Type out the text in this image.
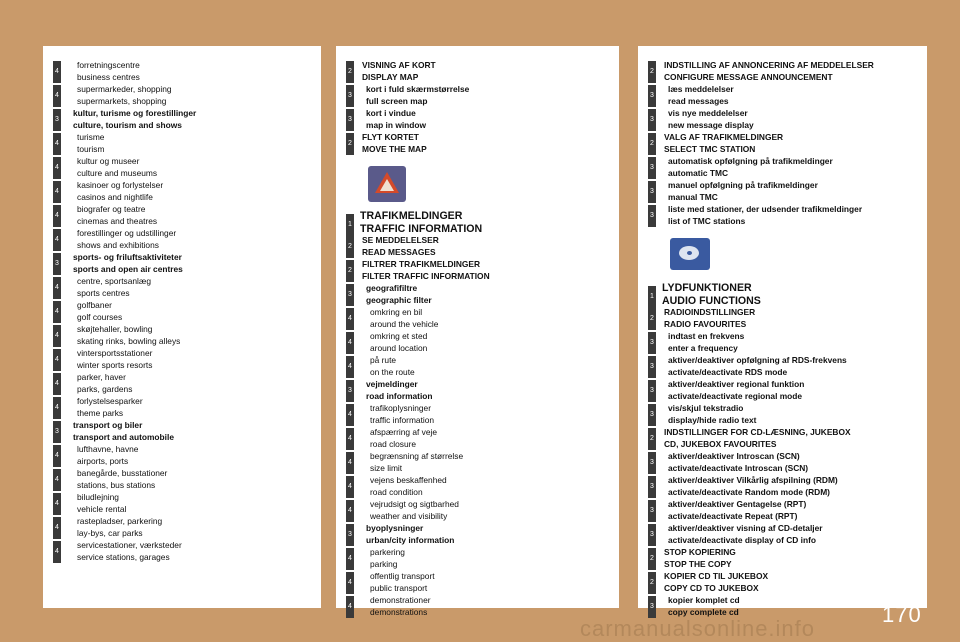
4
forretningscentre
business centres
4
supermarkeder, shopping
supermarkets, shopping
3
kultur, turisme og forestillinger
culture, tourism and shows
4
turisme
tourism
4
kultur og museer
culture and museums
4
kasinoer og forlystelser
casinos and nightlife
4
biografer og teatre
cinemas and theatres
4
forestillinger og udstillinger
shows and exhibitions
3
sports- og friluftsaktiviteter
sports and open air centres
4
centre, sportsanlæg
sports centres
4
golfbaner
golf courses
4
skøjtehaller, bowling
skating rinks, bowling alleys
4
vintersportsstationer
winter sports resorts
4
parker, haver
parks, gardens
4
forlystelsesparker
theme parks
3
transport og biler
transport and automobile
4
lufthavne, havne
airports, ports
4
banegårde, busstationer
stations, bus stations
4
biludlejning
vehicle rental
4
rastepladser, parkering
lay-bys, car parks
4
servicestationer, værksteder
service stations, garages
2
VISNING AF KORT
DISPLAY MAP
3
kort i fuld skærmstørrelse
full screen map
3
kort i vindue
map in window
2
FLYT KORTET
MOVE THE MAP
1
TRAFIKMELDINGER
TRAFFIC INFORMATION
2
SE MEDDELELSER
READ MESSAGES
2
FILTRER TRAFIKMELDINGER
FILTER TRAFFIC INFORMATION
3
geografifiltre
geographic filter
4
omkring en bil
around the vehicle
4
omkring et sted
around location
4
på rute
on the route
3
vejmeldinger
road information
4
trafikoplysninger
traffic information
4
afspærring af veje
road closure
4
begrænsning af størrelse
size limit
4
vejens beskaffenhed
road condition
4
vejrudsigt og sigtbarhed
weather and visibility
3
byoplysninger
urban/city information
4
parkering
parking
4
offentlig transport
public transport
4
demonstrationer
demonstrations
2
INDSTILLING AF ANNONCERING AF MEDDELELSER
CONFIGURE MESSAGE ANNOUNCEMENT
3
læs meddelelser
read messages
3
vis nye meddelelser
new message display
2
VALG AF TRAFIKMELDINGER
SELECT TMC STATION
3
automatisk opfølgning på trafikmeldinger
automatic TMC
3
manuel opfølgning på trafikmeldinger
manual TMC
3
liste med stationer, der udsender trafikmeldinger
list of TMC stations
1
LYDFUNKTIONER
AUDIO FUNCTIONS
2
RADIOINDSTILLINGER
RADIO FAVOURITES
3
indtast en frekvens
enter a frequency
3
aktiver/deaktiver opfølgning af RDS-frekvens
activate/deactivate RDS mode
3
aktiver/deaktiver regional funktion
activate/deactivate regional mode
3
vis/skjul tekstradio
display/hide radio text
2
INDSTILLINGER FOR CD-LÆSNING, JUKEBOX
CD, JUKEBOX FAVOURITES
3
aktiver/deaktiver Introscan (SCN)
activate/deactivate Introscan (SCN)
3
aktiver/deaktiver Vilkårlig afspilning (RDM)
activate/deactivate Random mode (RDM)
3
aktiver/deaktiver Gentagelse (RPT)
activate/deactivate Repeat (RPT)
3
aktiver/deaktiver visning af CD-detaljer
activate/deactivate display of CD info
2
STOP KOPIERING
STOP THE COPY
2
KOPIER CD TIL JUKEBOX
COPY CD TO JUKEBOX
3
kopier komplet cd
copy complete cd
carmanualsonline.info
170
